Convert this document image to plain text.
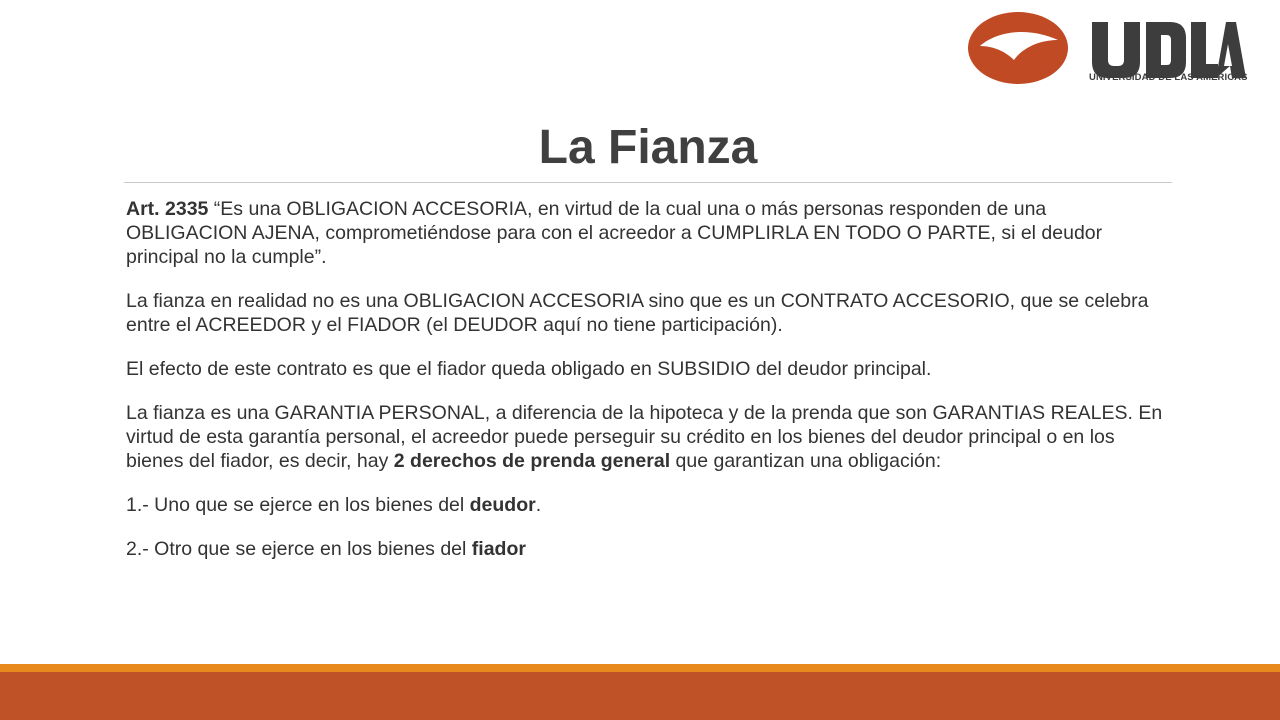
UNIVERSIDAD DE LAS AMÉRICAS
La Fianza

Art. 2335 “Es una OBLIGACION ACCESORIA, en virtud de la cual una o más personas responden de una OBLIGACION AJENA, comprometiéndose para con el acreedor a CUMPLIRLA EN TODO O PARTE, si el deudor principal no la cumple”.

La fianza en realidad no es una OBLIGACION ACCESORIA sino que es un CONTRATO ACCESORIO, que se celebra entre el ACREEDOR y el FIADOR (el DEUDOR aquí no tiene participación).

El efecto de este contrato es que el fiador queda obligado en SUBSIDIO del deudor principal.

La fianza es una GARANTIA PERSONAL, a diferencia de la hipoteca y de la prenda que son GARANTIAS REALES. En virtud de esta garantía personal, el acreedor puede perseguir su crédito en los bienes del deudor principal o en los bienes del fiador, es decir, hay 2 derechos de prenda general que garantizan una obligación:

1.- Uno que se ejerce en los bienes del deudor.

2.- Otro que se ejerce en los bienes del fiador
